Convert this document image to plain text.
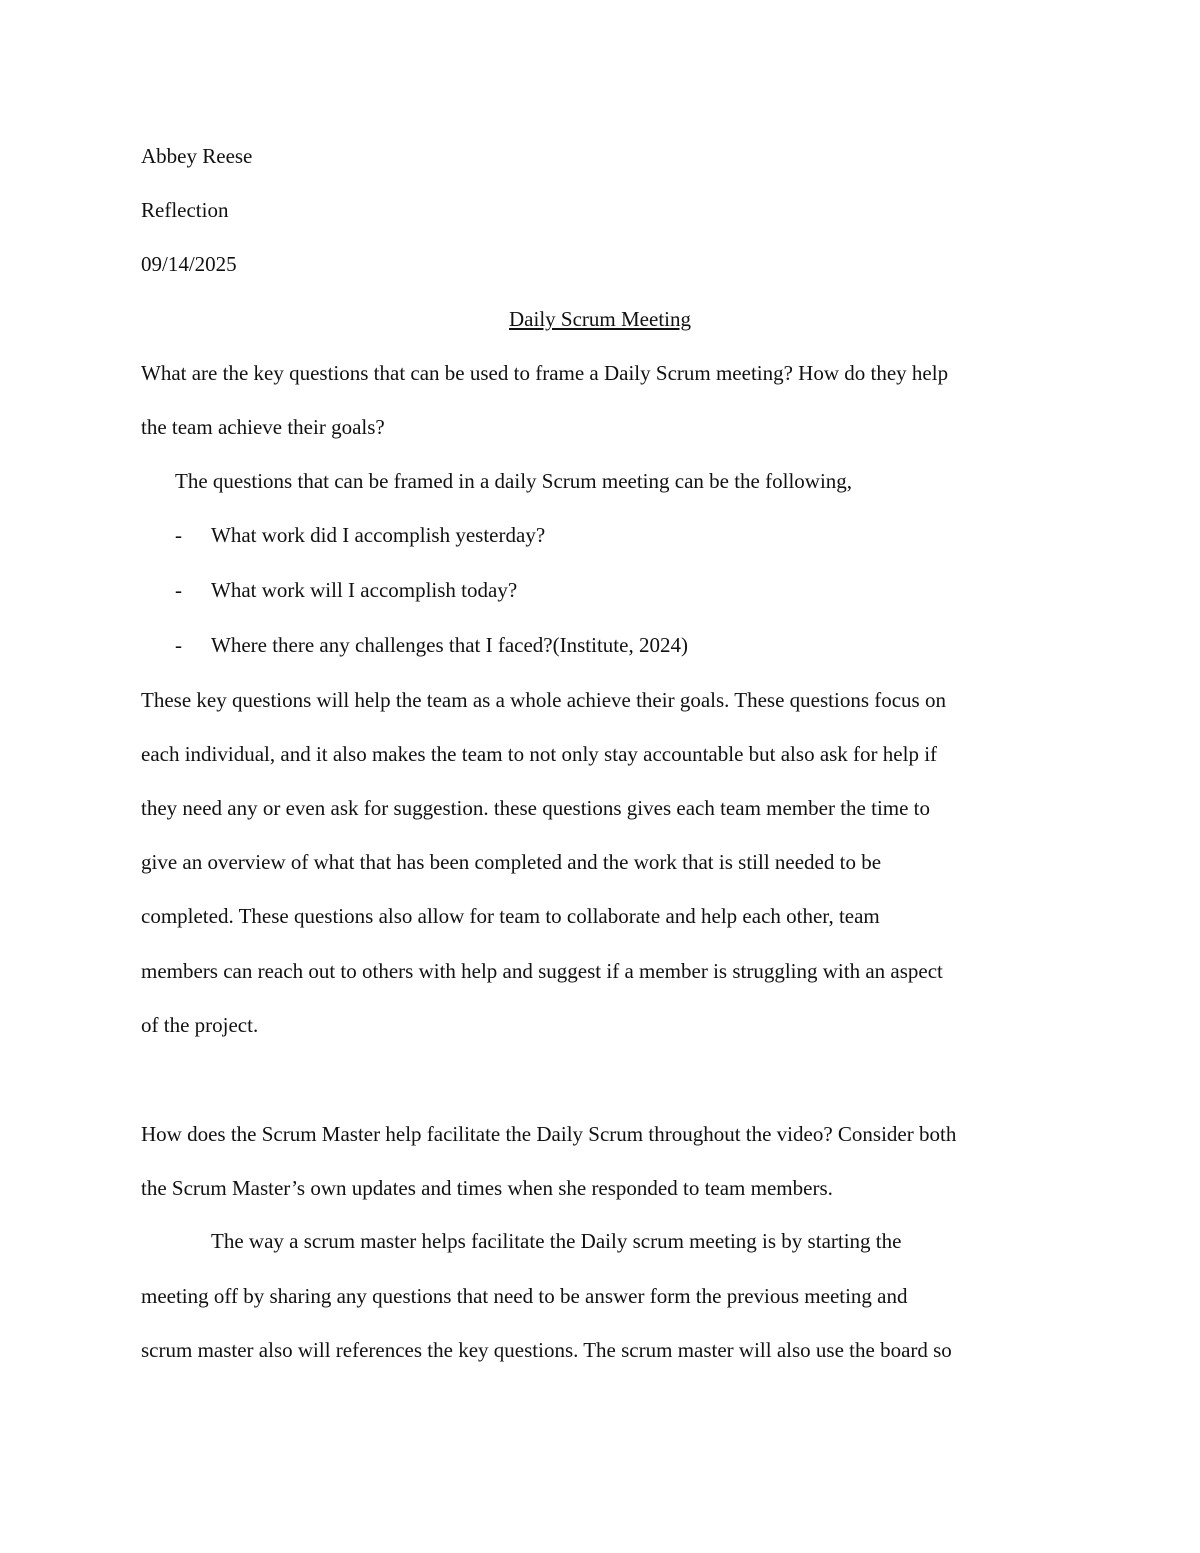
Abbey Reese

Reflection

09/14/2025

Daily Scrum Meeting

What are the key questions that can be used to frame a Daily Scrum meeting? How do they help

the team achieve their goals?

The questions that can be framed in a daily Scrum meeting can be the following,

- What work did I accomplish yesterday?
- What work will I accomplish today?
- Where there any challenges that I faced?(Institute, 2024)

These key questions will help the team as a whole achieve their goals. These questions focus on

each individual, and it also makes the team to not only stay accountable but also ask for help if

they need any or even ask for suggestion. these questions gives each team member the time to

give an overview of what that has been completed and the work that is still needed to be

completed. These questions also allow for team to collaborate and help each other, team

members can reach out to others with help and suggest if a member is struggling with an aspect

of the project.

How does the Scrum Master help facilitate the Daily Scrum throughout the video? Consider both

the Scrum Master’s own updates and times when she responded to team members.

The way a scrum master helps facilitate the Daily scrum meeting is by starting the

meeting off by sharing any questions that need to be answer form the previous meeting and

scrum master also will references the key questions. The scrum master will also use the board so
